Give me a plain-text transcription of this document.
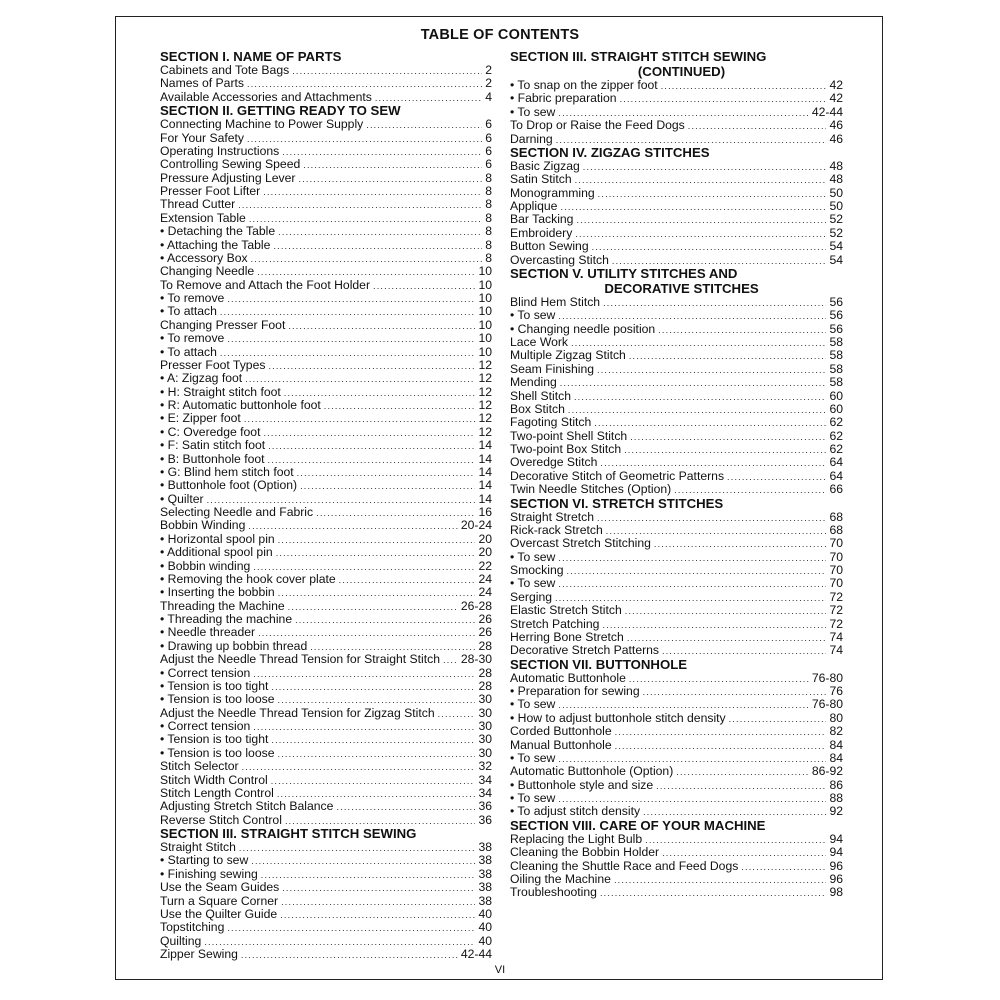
TABLE OF CONTENTS
SECTION I. NAME OF PARTS
Cabinets and Tote Bags .....	2
Names of Parts .....	2
Available Accessories and Attachments .....	4
SECTION II. GETTING READY TO SEW
Connecting Machine to Power Supply .....	6
For Your Safety .....	6
Operating Instructions .....	6
Controlling Sewing Speed .....	6
Pressure Adjusting Lever .....	8
Presser Foot Lifter .....	8
Thread Cutter .....	8
Extension Table .....	8
• Detaching the Table .....	8
• Attaching the Table .....	8
• Accessory Box .....	8
Changing Needle .....	10
To Remove and Attach the Foot Holder .....	10
• To remove .....	10
• To attach .....	10
Changing Presser Foot .....	10
• To remove .....	10
• To attach .....	10
Presser Foot Types .....	12
• A: Zigzag foot .....	12
• H: Straight stitch foot .....	12
• R: Automatic buttonhole foot .....	12
• E: Zipper foot .....	12
• C: Overedge foot .....	12
• F: Satin stitch foot .....	14
• B: Buttonhole foot .....	14
• G: Blind hem stitch foot .....	14
• Buttonhole foot (Option) .....	14
• Quilter .....	14
Selecting Needle and Fabric .....	16
Bobbin Winding .....	20-24
• Horizontal spool pin .....	20
• Additional spool pin .....	20
• Bobbin winding .....	22
• Removing the hook cover plate .....	24
• Inserting the bobbin .....	24
Threading the Machine .....	26-28
• Threading the machine .....	26
• Needle threader .....	26
• Drawing up bobbin thread .....	28
Adjust the Needle Thread Tension for Straight Stitch ..... 28-30
• Correct tension .....	28
• Tension is too tight .....	28
• Tension is too loose .....	30
Adjust the Needle Thread Tension for Zigzag Stitch .....	30
• Correct tension .....	30
• Tension is too tight .....	30
• Tension is too loose .....	30
Stitch Selector .....	32
Stitch Width Control .....	34
Stitch Length Control .....	34
Adjusting Stretch Stitch Balance .....	36
Reverse Stitch Control .....	36
SECTION III. STRAIGHT STITCH SEWING
Straight Stitch .....	38
• Starting to sew .....	38
• Finishing sewing .....	38
Use the Seam Guides .....	38
Turn a Square Corner .....	38
Use the Quilter Guide .....	40
Topstitching .....	40
Quilting .....	40
Zipper Sewing .....	42-44
SECTION III. STRAIGHT STITCH SEWING
(CONTINUED)
• To snap on the zipper foot .....	42
• Fabric preparation .....	42
• To sew .....	42-44
To Drop or Raise the Feed Dogs .....	46
Darning .....	46
SECTION IV. ZIGZAG STITCHES
Basic Zigzag .....	48
Satin Stitch .....	48
Monogramming .....	50
Applique .....	50
Bar Tacking .....	52
Embroidery .....	52
Button Sewing .....	54
Overcasting Stitch .....	54
SECTION V. UTILITY STITCHES AND
DECORATIVE STITCHES
Blind Hem Stitch .....	56
• To sew .....	56
• Changing needle position .....	56
Lace Work .....	58
Multiple Zigzag Stitch .....	58
Seam Finishing .....	58
Mending .....	58
Shell Stitch .....	60
Box Stitch .....	60
Fagoting Stitch .....	62
Two-point Shell Stitch .....	62
Two-point Box Stitch .....	62
Overedge Stitch .....	64
Decorative Stitch of Geometric Patterns .....	64
Twin Needle Stitches (Option) .....	66
SECTION VI. STRETCH STITCHES
Straight Stretch .....	68
Rick-rack Stretch .....	68
Overcast Stretch Stitching .....	70
• To sew .....	70
Smocking .....	70
• To sew .....	70
Serging .....	72
Elastic Stretch Stitch .....	72
Stretch Patching .....	72
Herring Bone Stretch .....	74
Decorative Stretch Patterns .....	74
SECTION VII. BUTTONHOLE
Automatic Buttonhole .....	76-80
• Preparation for sewing .....	76
• To sew .....	76-80
• How to adjust buttonhole stitch density .....	80
Corded Buttonhole .....	82
Manual Buttonhole .....	84
• To sew .....	84
Automatic Buttonhole (Option) .....	86-92
• Buttonhole style and size .....	86
• To sew .....	88
• To adjust stitch density .....	92
SECTION VIII. CARE OF YOUR MACHINE
Replacing the Light Bulb .....	94
Cleaning the Bobbin Holder .....	94
Cleaning the Shuttle Race and Feed Dogs .....	96
Oiling the Machine .....	96
Troubleshooting .....	98
VI
